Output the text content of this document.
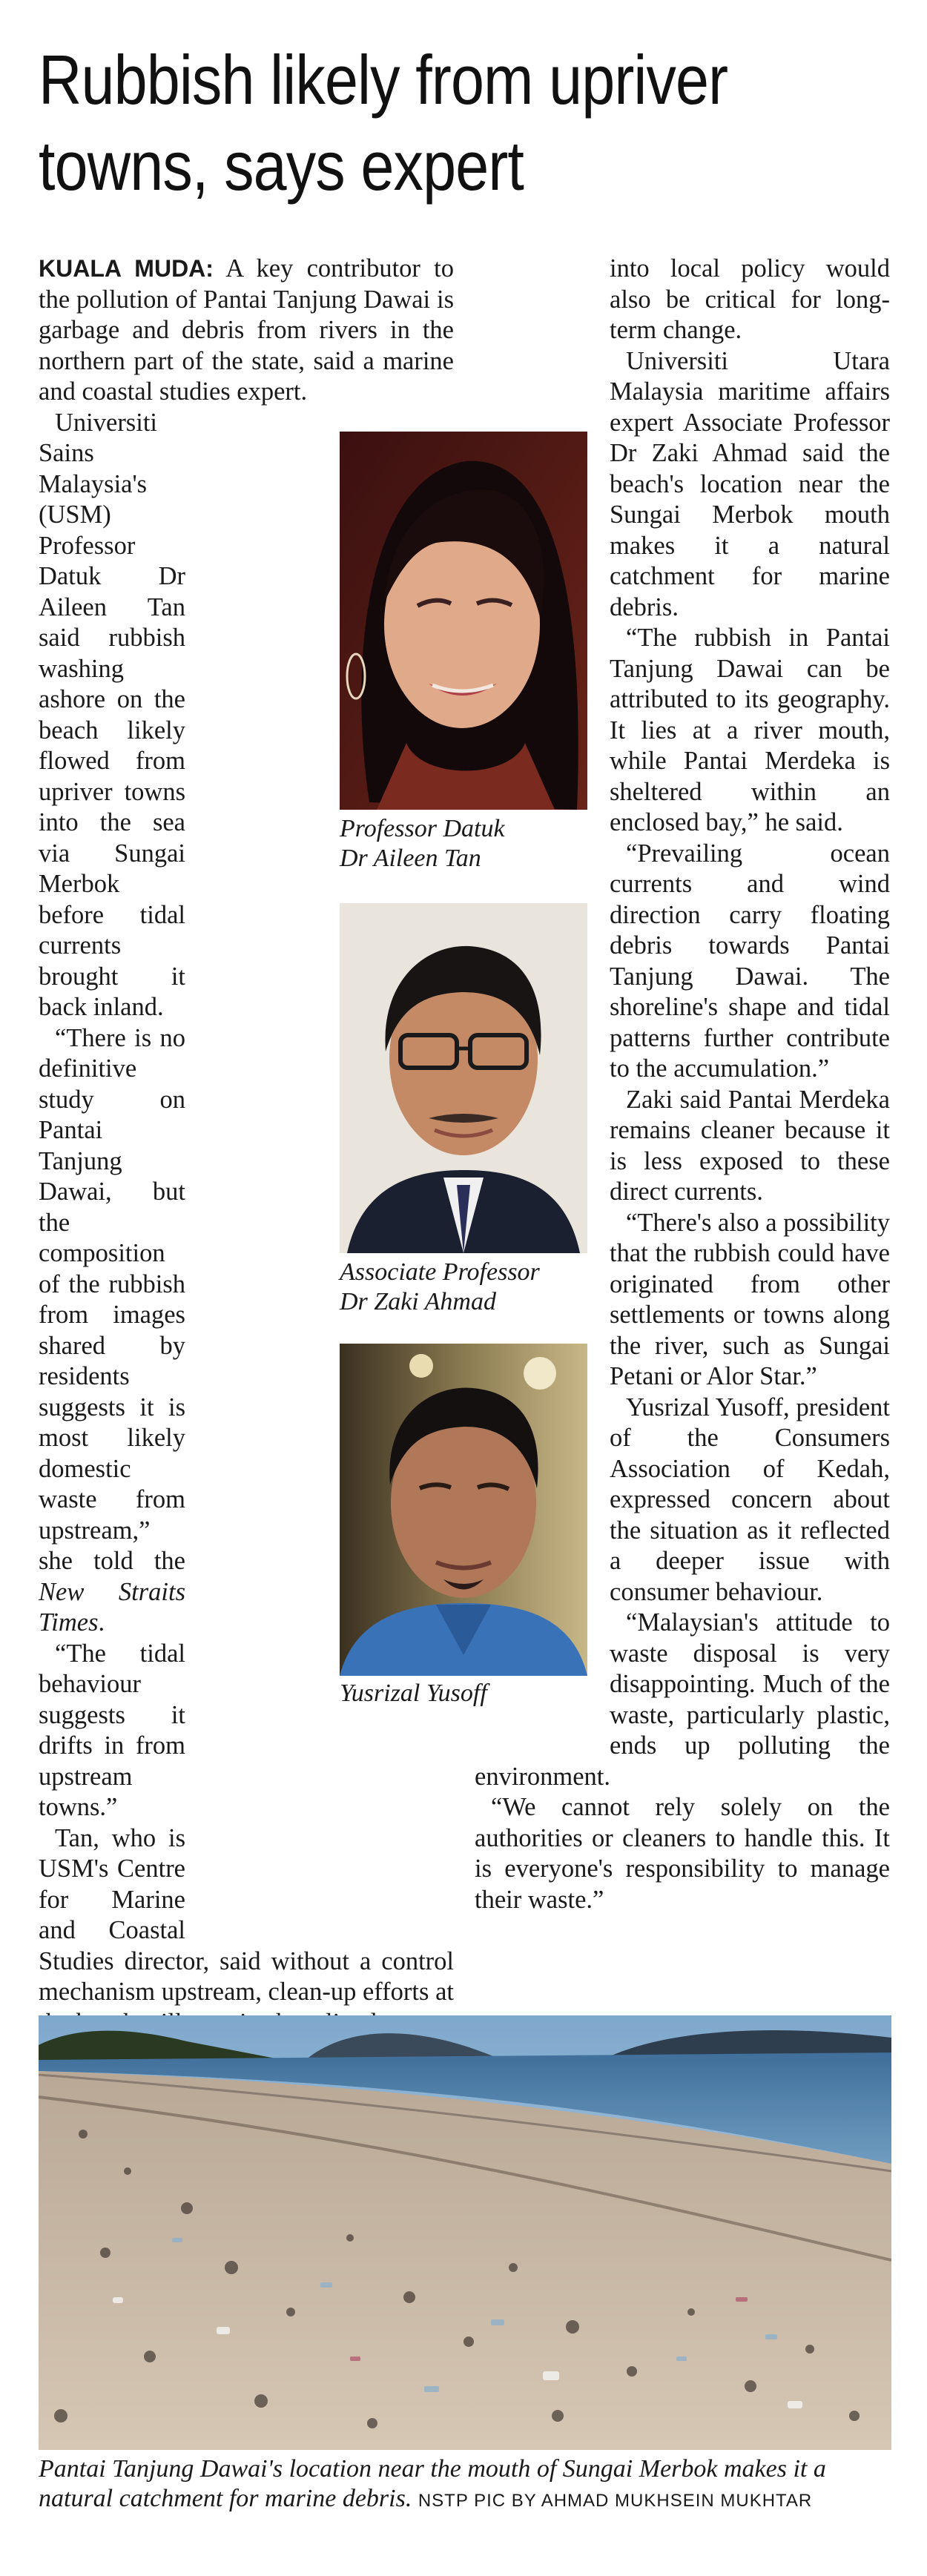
Rubbish likely from upriver towns, says expert

KUALA MUDA: A key contributor to the pollution of Pantai Tanjung Dawai is garbage and debris from rivers in the northern part of the state, said a marine and coastal studies expert.

Universiti Sains Malaysia's (USM) Professor Datuk Dr Aileen Tan said rubbish washing ashore on the beach likely flowed from upriver towns into the sea via Sungai Merbok before tidal currents brought it back inland.

“There is no definitive study on Pantai Tanjung Dawai, but the composition of the rubbish from images shared by residents suggests it is most likely domestic waste from upstream,” she told the New Straits Times.

“The tidal behaviour suggests it drifts in from upstream towns.”

Tan, who is USM's Centre for Marine and Coastal Studies director, said without a control mechanism upstream, clean-up efforts at

into local policy would also be critical for long-term change.

Universiti Utara Malaysia maritime affairs expert Associate Professor Dr Zaki Ahmad said the beach's location near the Sungai Merbok mouth makes it a natural catchment for marine debris.

“The rubbish in Pantai Tanjung Dawai can be attributed to its geography. It lies at a river mouth, while Pantai Merdeka is sheltered within an enclosed bay,” he said.

“Prevailing ocean currents and wind direction carry floating debris towards Pantai Tanjung Dawai. The shoreline's shape and tidal patterns further contribute to the accumulation.”

Zaki said Pantai Merdeka remains cleaner because it is less exposed to these direct currents.

“There's also a possibility that the rubbish could have originated from other settlements or towns along the river, such as Sungai Petani or Alor Star.”

Yusrizal Yusoff, president of the Consumers Association of Kedah, expressed concern about the situation as it reflected a deeper issue with consumer behaviour.

“Malaysian's attitude to waste disposal is very disappointing. Much of the waste, particularly plastic, ends up polluting the environment.

“We cannot rely solely on the authorities or cleaners to handle this. It is everyone's responsibility to manage their waste.”

Professor Datuk
Dr Aileen Tan
Associate Professor
Dr Zaki Ahmad
Yusrizal Yusoff
Pantai Tanjung Dawai's location near the mouth of Sungai Merbok makes it a natural catchment for marine debris. NSTP PIC BY AHMAD MUKHSEIN MUKHTAR
